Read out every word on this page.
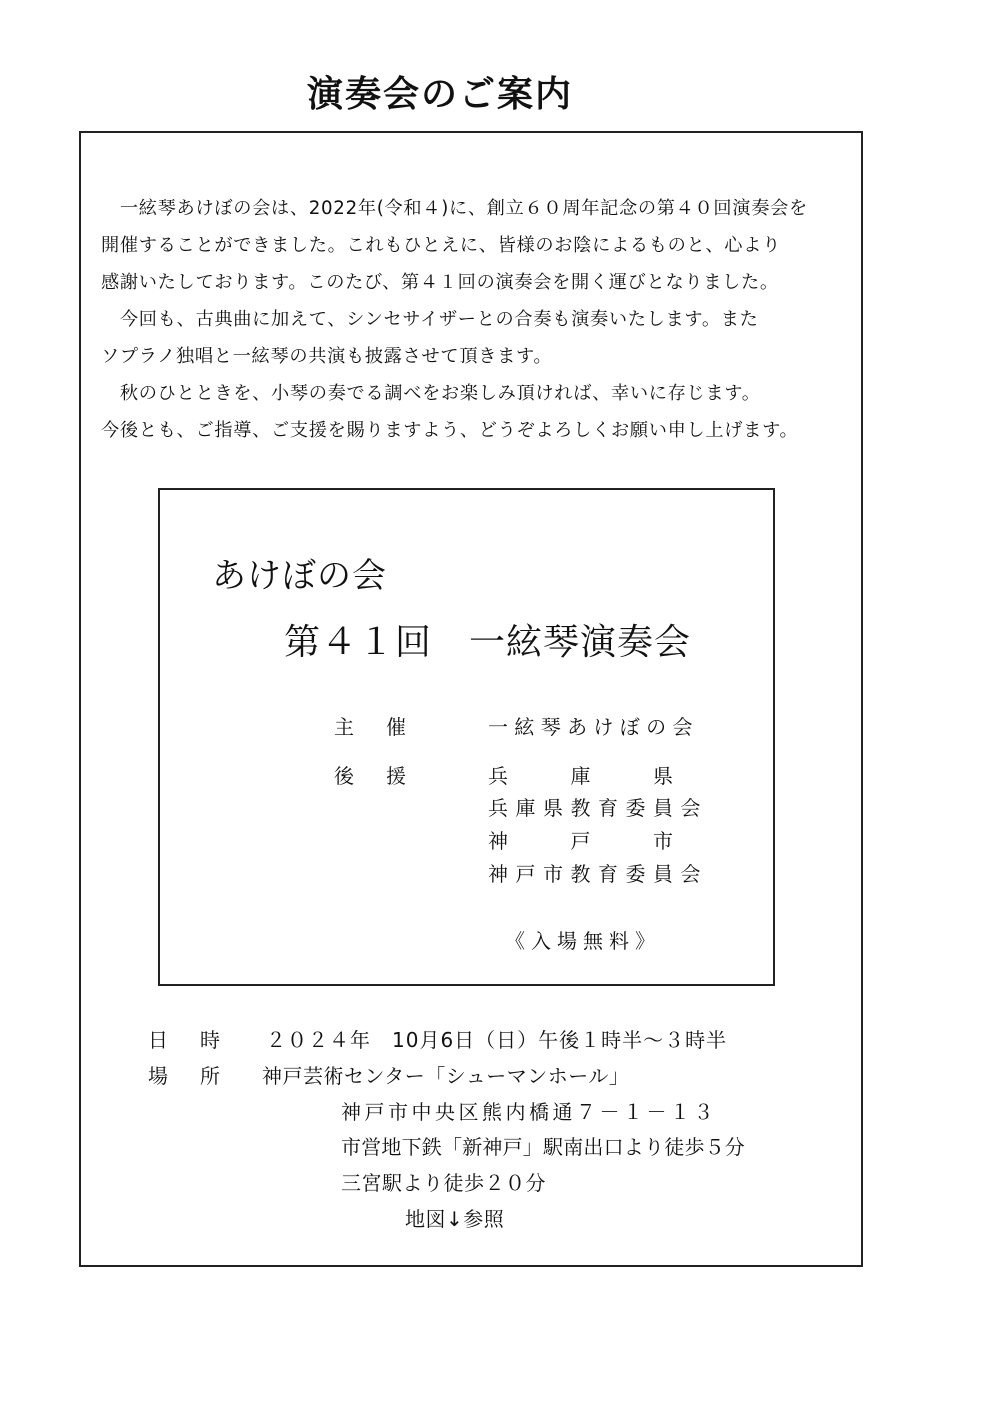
演奏会のご案内

　一絃琴あけぼの会は、2022年(令和４)に、創立６０周年記念の第４０回演奏会を

開催することができました。これもひとえに、皆様のお陰によるものと、心より

感謝いたしております。このたび、第４１回の演奏会を開く運びとなりました。

　今回も、古典曲に加えて、シンセサイザーとの合奏も演奏いたします。また

ソプラノ独唱と一絃琴の共演も披露させて頂きます。

　秋のひとときを、小琴の奏でる調べをお楽しみ頂ければ、幸いに存じます。

今後とも、ご指導、ご支援を賜りますよう、どうぞよろしくお願い申し上げます。

あけぼの会
第４１回　一絃琴演奏会
主　催	一 絃 琴 あ け ぼ の 会
後　援	兵　　庫　　県
兵庫県教育委員会
神　　戸　　市
神戸市教育委員会
《入場無料》
日　時 ２０２４年　10月6日（日）午後１時半～３時半
場　所 神戸芸術センター「シューマンホール」
神戸市中央区熊内橋通７－１－１３
市営地下鉄「新神戸」駅南出口より徒歩５分
三宮駅より徒歩２０分
地図↓参照
